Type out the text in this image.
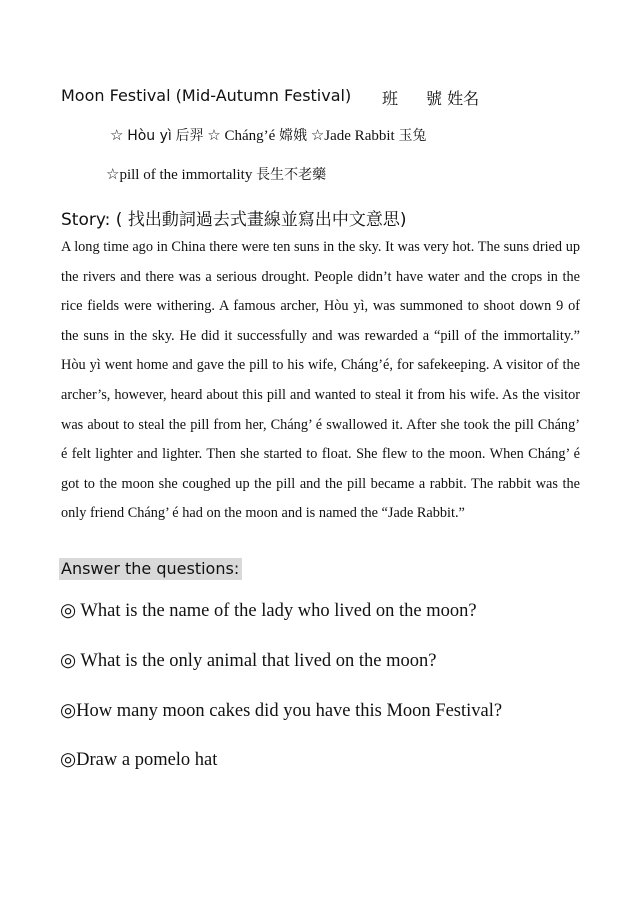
Moon Festival (Mid-Autumn Festival) 班 號 姓名
☆ Hòu yì 后羿 ☆ Cháng’é 嫦娥 ☆Jade Rabbit 玉兔
☆pill of the immortality 長生不老藥
Story: ( 找出動詞過去式畫線並寫出中文意思)

A long time ago in China there were ten suns in the sky. It was very hot. The suns dried up the rivers and there was a serious drought. People didn’t have water and the crops in the rice fields were withering. A famous archer, Hòu yì, was summoned to shoot down 9 of the suns in the sky. He did it successfully and was rewarded a “pill of the immortality.” Hòu yì went home and gave the pill to his wife, Cháng’é, for safekeeping. A visitor of the archer’s, however, heard about this pill and wanted to steal it from his wife. As the visitor was about to steal the pill from her, Cháng’ é swallowed it. After she took the pill Cháng’ é felt lighter and lighter. Then she started to float. She flew to the moon. When Cháng’ é got to the moon she coughed up the pill and the pill became a rabbit. The rabbit was the only friend Cháng’ é had on the moon and is named the “Jade Rabbit.”

Answer the questions:
◎ What is the name of the lady who lived on the moon?
◎ What is the only animal that lived on the moon?
◎How many moon cakes did you have this Moon Festival?
◎Draw a pomelo hat
